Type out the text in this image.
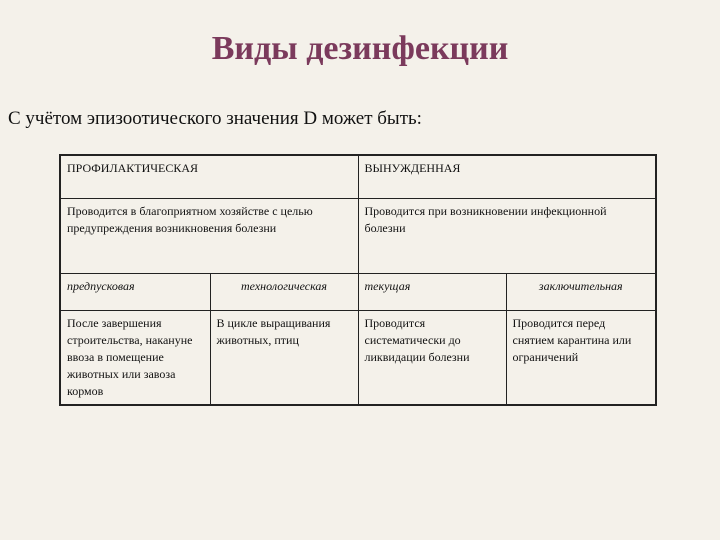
Виды дезинфекции
С учётом эпизоотического значения D может быть:
ПРОФИЛАКТИЧЕСКАЯ		ВЫНУЖДЕННАЯ	
Проводится в благоприятном хозяйстве с целью предупреждения возникновения болезни		Проводится при возникновении инфекционной болезни	
предпусковая	технологическая	текущая	заключительная
После завершения строительства, накануне ввоза в помещение животных или завоза кормов	В цикле выращивания животных, птиц	Проводится систематически до ликвидации болезни	Проводится перед снятием карантина или ограничений
